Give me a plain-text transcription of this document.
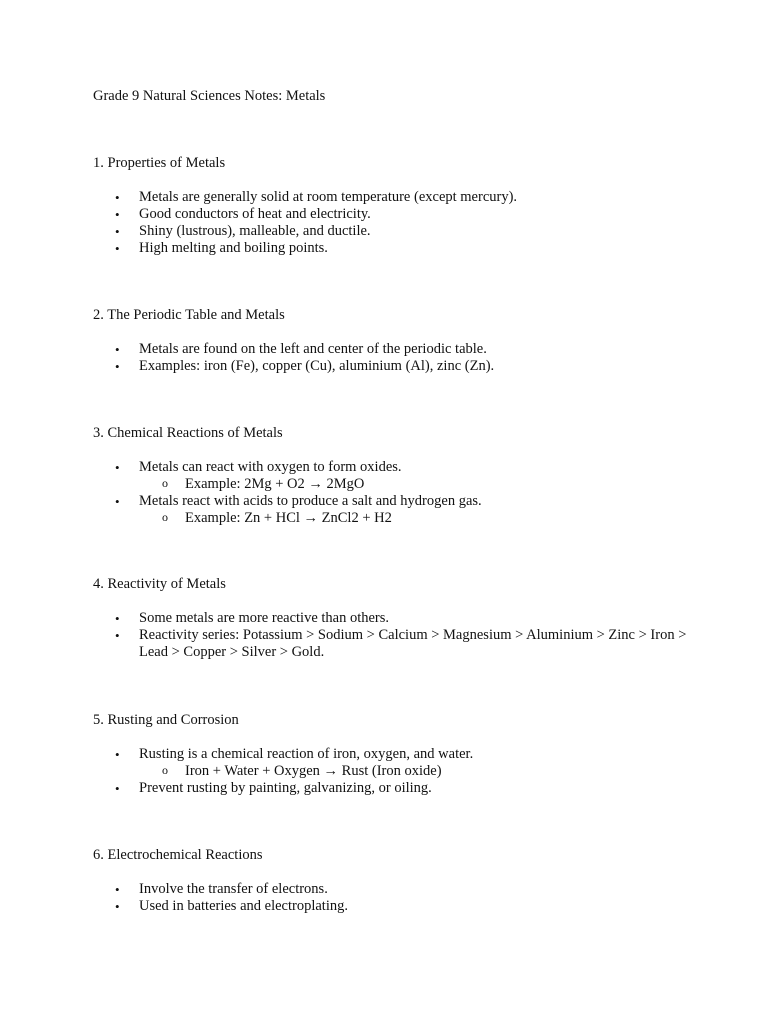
Grade 9 Natural Sciences Notes: Metals

1. Properties of Metals

• Metals are generally solid at room temperature (except mercury).
• Good conductors of heat and electricity.
• Shiny (lustrous), malleable, and ductile.
• High melting and boiling points.

2. The Periodic Table and Metals

• Metals are found on the left and center of the periodic table.
• Examples: iron (Fe), copper (Cu), aluminium (Al), zinc (Zn).

3. Chemical Reactions of Metals

• Metals can react with oxygen to form oxides.
o Example: 2Mg + O2 → 2MgO
• Metals react with acids to produce a salt and hydrogen gas.
o Example: Zn + HCl → ZnCl2 + H2

4. Reactivity of Metals

• Some metals are more reactive than others.
• Reactivity series: Potassium > Sodium > Calcium > Magnesium > Aluminium > Zinc > Iron > Lead > Copper > Silver > Gold.

5. Rusting and Corrosion

• Rusting is a chemical reaction of iron, oxygen, and water.
o Iron + Water + Oxygen → Rust (Iron oxide)
• Prevent rusting by painting, galvanizing, or oiling.

6. Electrochemical Reactions

• Involve the transfer of electrons.
• Used in batteries and electroplating.
